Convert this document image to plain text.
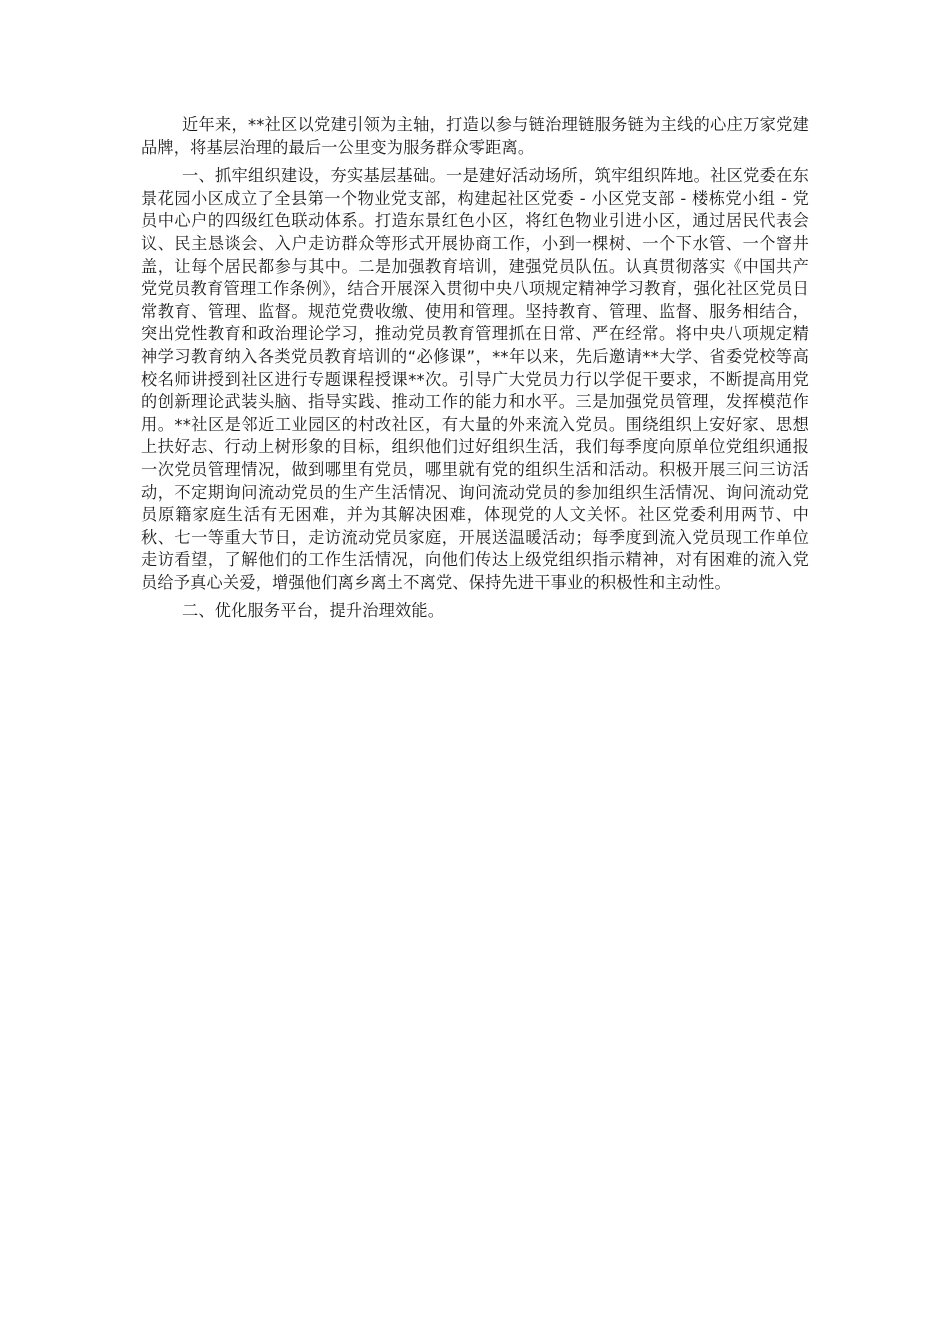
近年来，**社区以党建引领为主轴，打造以参与链治理链服务链为主线的心庄万家党建品牌，将基层治理的最后一公里变为服务群众零距离。

一、抓牢组织建设，夯实基层基础。一是建好活动场所，筑牢组织阵地。社区党委在东景花园小区成立了全县第一个物业党支部，构建起社区党委 - 小区党支部 - 楼栋党小组 - 党员中心户的四级红色联动体系。打造东景红色小区，将红色物业引进小区，通过居民代表会议、民主恳谈会、入户走访群众等形式开展协商工作，小到一棵树、一个下水管、一个窨井盖，让每个居民都参与其中。二是加强教育培训，建强党员队伍。认真贯彻落实《中国共产党党员教育管理工作条例》，结合开展深入贯彻中央八项规定精神学习教育，强化社区党员日常教育、管理、监督。规范党费收缴、使用和管理。坚持教育、管理、监督、服务相结合，突出党性教育和政治理论学习，推动党员教育管理抓在日常、严在经常。将中央八项规定精神学习教育纳入各类党员教育培训的“必修课”，**年以来，先后邀请**大学、省委党校等高校名师讲授到社区进行专题课程授课**次。引导广大党员力行以学促干要求，不断提高用党的创新理论武装头脑、指导实践、推动工作的能力和水平。三是加强党员管理，发挥模范作用。**社区是邻近工业园区的村改社区，有大量的外来流入党员。围绕组织上安好家、思想上扶好志、行动上树形象的目标，组织他们过好组织生活，我们每季度向原单位党组织通报一次党员管理情况，做到哪里有党员，哪里就有党的组织生活和活动。积极开展三问三访活动，不定期询问流动党员的生产生活情况、询问流动党员的参加组织生活情况、询问流动党员原籍家庭生活有无困难，并为其解决困难，体现党的人文关怀。社区党委利用两节、中秋、七一等重大节日，走访流动党员家庭，开展送温暖活动；每季度到流入党员现工作单位走访看望，了解他们的工作生活情况，向他们传达上级党组织指示精神，对有困难的流入党员给予真心关爱，增强他们离乡离土不离党、保持先进干事业的积极性和主动性。

二、优化服务平台，提升治理效能。
